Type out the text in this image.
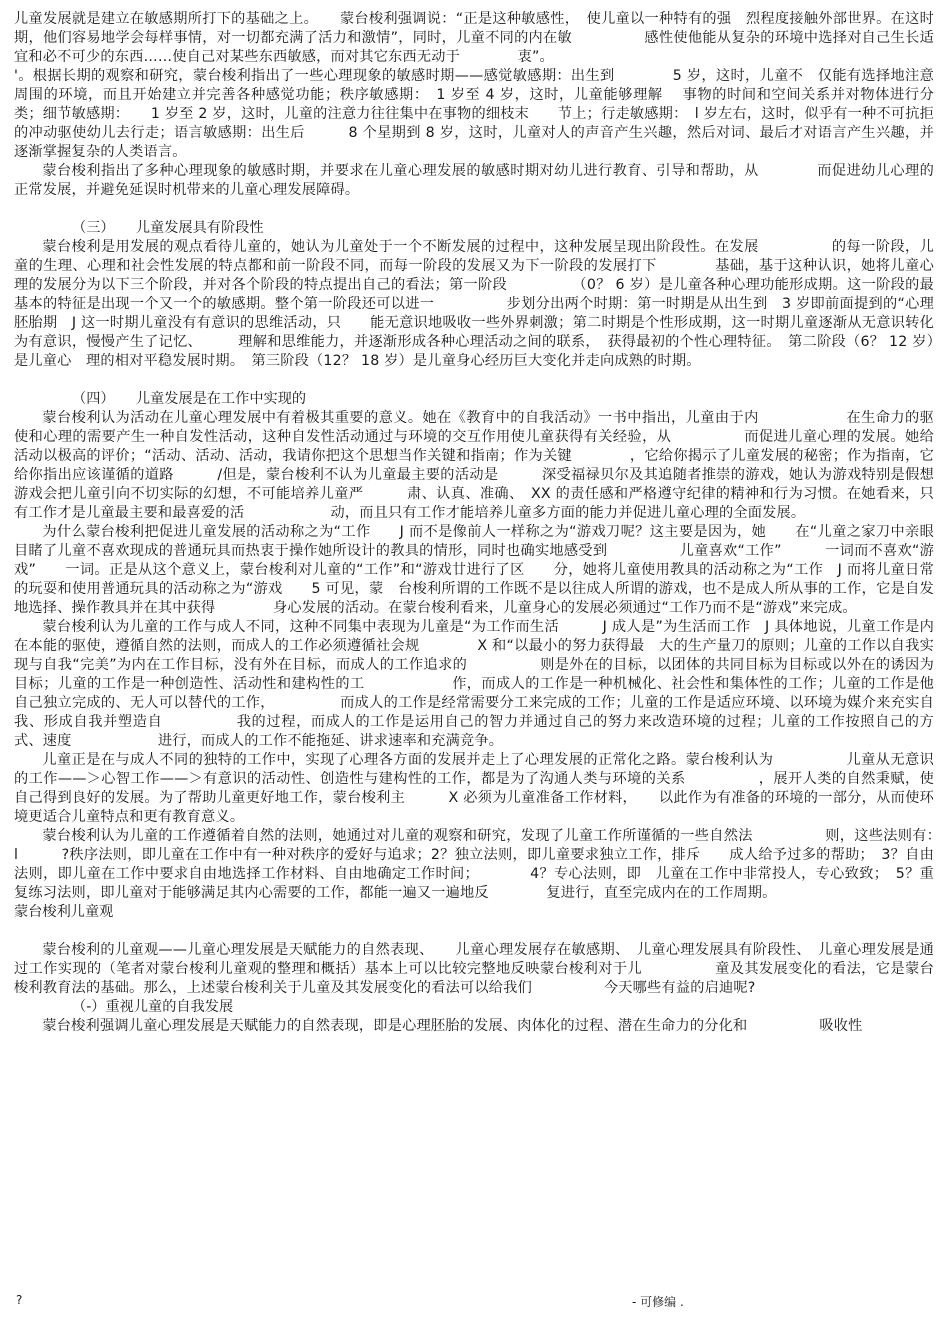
儿童发展就是建立在敏感期所打下的基础之上。　　蒙台梭利强调说：“正是这种敏感性，　使儿童以一种特有的强　烈程度接触外部世界。在这时期，他们容易地学会每样事情，对一切都充满了活力和激情”，同时，儿童不同的内在敏　　　　　感性使他能从复杂的环境中选择对自己生长适宜和必不可少的东西……使自己对某些东西敏感，而对其它东西无动于　　　　衷”。

'。根据长期的观察和研究，蒙台梭利指出了一些心理现象的敏感时期——感觉敏感期：出生到　　　　5 岁，这时，儿童不　仅能有选择地注意周围的环境，而且开始建立并完善各种感觉功能；秩序敏感期：　1 岁至 4 岁，这时，儿童能够理解　 事物的时间和空间关系并对物体进行分类；细节敏感期：　　1 岁至 2 岁，这时，儿童的注意力往往集中在事物的细枝末　　节上；行走敏感期：　l 岁左右，这时，似乎有一种不可抗拒的冲动驱使幼儿去行走；语言敏感期：出生后　　　8 个星期到 8 岁，这时，儿童对人的声音产生兴趣，然后对词、最后才对语言产生兴趣，并逐渐掌握复杂的人类语言。

蒙台梭利指出了多种心理现象的敏感时期，并要求在儿童心理发展的敏感时期对幼儿进行教育、引导和帮助，从　　　　而促进幼儿心理的正常发展，并避免延误时机带来的儿童心理发展障碍。

（三）　　儿童发展具有阶段性

蒙台梭利是用发展的观点看待儿童的，她认为儿童处于一个不断发展的过程中，这种发展呈现出阶段性。在发展　　　　　的每一阶段，儿童的生理、心理和社会性发展的特点都和前一阶段不同，而每一阶段的发展又为下一阶段的发展打下　　　　基础，基于这种认识，她将儿童心理的发展分为以下三个阶段，并对各个阶段的特点提出自己的看法；第一阶段　　　　　（0？ 6 岁）是儿童各种心理功能形成期。这一阶段的最基本的特征是出现一个又一个的敏感期。整个第一阶段还可以进一　　　　　步划分出两个时期：第一时期是从出生到　3 岁即前面提到的“心理胚胎期　J 这一时期儿童没有有意识的思维活动，只　　能无意识地吸收一些外界刺激；第二时期是个性形成期，这一时期儿童逐渐从无意识转化为有意识，慢慢产生了记忆、　　　理解和思维能力，并逐渐形成各种心理活动之间的联系，　获得最初的个性心理特征。　第二阶段（6？ 12 岁）是儿童心　理的相对平稳发展时期。　第三阶段（12？ 18 岁）是儿童身心经历巨大变化并走向成熟的时期。

（四）　　儿童发展是在工作中实现的

蒙台梭利认为活动在儿童心理发展中有着极其重要的意义。她在《教育中的自我活动》一书中指出，儿童由于内　　　　　　在生命力的驱使和心理的需要产生一种自发性活动，这种自发性活动通过与环境的交互作用使儿童获得有关经验，从　　　　　而促进儿童心理的发展。她给活动以极高的评价；“活动、活动、活动，我请你把这个思想当作关键和指南；作为关键　　　　，它给你揭示了儿童发展的秘密；作为指南，它给你指出应该谨循的道路　　　/但是，蒙台梭利不认为儿童最主要的活动是　　　深受福禄贝尔及其追随者推崇的游戏，她认为游戏特别是假想游戏会把儿童引向不切实际的幻想，不可能培养儿童严　　　肃、认真、准确、　XX 的责任感和严格遵守纪律的精神和行为习惯。在她看来，只有工作才是儿童最主要和最喜爱的活　　　　　　动，而且只有工作才能培养儿童多方面的能力并促进儿童心理的全面发展。

为什么蒙台梭利把促进儿童发展的活动称之为“工作　　J 而不是像前人一样称之为“游戏刀呢？这主要是因为，她　　在“儿童之家刀中亲眼目睹了儿童不喜欢现成的普通玩具而热衷于操作她所设计的教具的情形，同时也确实地感受到　　　　　儿童喜欢“工作”　　　一词而不喜欢“游戏”　　一词。正是从这个意义上，蒙台梭利对儿童的“工作”和“游戏廿进行了区　　分，她将儿童使用教具的活动称之为“工作　J 而将儿童日常的玩耍和使用普通玩具的活动称之为“游戏　　5 可见，蒙　台梭利所谓的工作既不是以往成人所谓的游戏，也不是成人所从事的工作，它是自发地选择、操作教具并在其中获得　　　　身心发展的活动。在蒙台梭利看来，儿童身心的发展必须通过“工作乃而不是“游戏”来完成。

蒙台梭利认为儿童的工作与成人不同，这种不同集中表现为儿童是“为工作而生活　　　J 成人是”为生活而工作　J 具体地说，儿童工作是内在本能的驱使，遵循自然的法则，而成人的工作必须遵循社会规　　　　X 和“以最小的努力获得最　大的生产量刀的原则；儿童的工作以自我实现与自我“完美”为内在工作目标，没有外在目标，而成人的工作追求的　　　　　则是外在的目标，以团体的共同目标为目标或以外在的诱因为目标；儿童的工作是一种创造性、活动性和建构性的工　　　　　　作，而成人的工作是一种机械化、社会性和集体性的工作；儿童的工作是他自己独立完成的、无人可以替代的工作，　　　　　而成人的工作是经常需要分工来完成的工作；儿童的工作是适应环境、以环境为媒介来充实自我、形成自我并塑造自　　　　　我的过程，而成人的工作是运用自己的智力并通过自己的努力来改造环境的过程；儿童的工作按照自己的方式、速度　　　　　　进行，而成人的工作不能拖延、讲求速率和充满竞争。

儿童正是在与成人不同的独特的工作中，实现了心理各方面的发展并走上了心理发展的正常化之路。蒙台梭利认为　　　　　儿童从无意识的工作——＞心智工作——＞有意识的活动性、创造性与建构性的工作，都是为了沟通人类与环境的关系　　　　　，展开人类的自然秉赋，使自己得到良好的发展。为了帮助儿童更好地工作，蒙台梭利主　　　X 必须为儿童准备工作材料，　　以此作为有准备的环境的一部分，从而使环境更适合儿童特点和更有教育意义。

蒙台梭利认为儿童的工作遵循着自然的法则，她通过对儿童的观察和研究，发现了儿童工作所谨循的一些自然法　　　　　则，这些法则有：　l　　　?秩序法则，即儿童在工作中有一种对秩序的爱好与追求；2？独立法则，即儿童要求独立工作，排斥　　成人给予过多的帮助；　3？自由法则，即儿童在工作中要求自由地选择工作材料、自由地确定工作时间；　　　　4？专心法则，即　儿童在工作中非常投人，专心致致；　5？重复练习法则，即儿童对于能够满足其内心需要的工作，都能一遍又一遍地反　　　　复进行，直至完成内在的工作周期。

蒙台梭利儿童观

蒙台梭利的儿童观——儿童心理发展是天赋能力的自然表现、　　儿童心理发展存在敏感期、　儿童心理发展具有阶段性、　儿童心理发展是通过工作实现的（笔者对蒙台梭利儿童观的整理和概括）基本上可以比较完整地反映蒙台梭利对于儿　　　　　童及其发展变化的看法，它是蒙台梭利教育法的基础。那么，上述蒙台梭利关于儿童及其发展变化的看法可以给我们　　　　　今天哪些有益的启迪呢?

（-）重视儿童的自我发展

蒙台梭利强调儿童心理发展是天赋能力的自然表现，即是心理胚胎的发展、肉体化的过程、潜在生命力的分化和　　　　　吸收性

?	- 可修编 .
